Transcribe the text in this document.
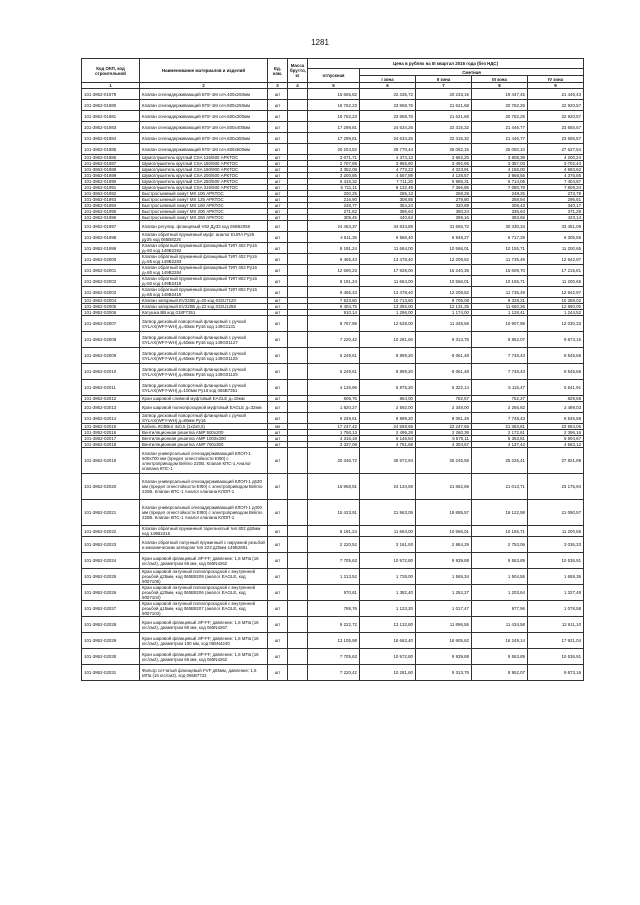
1281
Код ОКП, код строительной	Наименование материалов и изделий	Ед. изм.	Масса брутто, кг	Цена в рублях на III квартал 2016 года (без НДС)				
				отпускная	Сметная			
					I зона	II зона	III зона	IV зона
1	2	3	4	5	6	7	8	9
101-3862-01979	Клапан огнезадерживающий КПУ-1М сеч.400х250мм	шт		15 665,82	22 335,72	20 233,15	19 447,45	21 449,43
101-3862-01980	Клапан огнезадерживающий КПУ-1М сеч.500х250мм	шт		16 762,23	23 868,76	21 621,68	20 782,25	22 920,57
101-3862-01981	Клапан огнезадерживающий КПУ-1М сеч.500х300мм	шт		16 762,23	23 868,76	21 621,68	20 782,25	22 920,57
101-3862-01983	Клапан огнезадерживающий КПУ-1М сеч.500х400мм	шт		17 299,81	24 634,26	22 315,32	21 446,77	23 655,67
101-3862-01984	Клапан огнезадерживающий КПУ-1М сеч.600х350мм	шт		17 299,81	24 634,26	22 315,32	21 446,77	23 655,67
101-3862-01985	Клапан огнезадерживающий КПУ-1М сеч.600х500мм	шт		20 204,52	28 770,44	26 062,15	25 050,10	27 627,54
101-3862-01986	Шумоглушитель круглый CSA 125/600 АРКТОС	шт		3 071,71	4 374,13	3 962,25	3 808,39	4 200,24
101-3862-01987	Шумоглушитель круглый CSA 160/600 АРКТОС	шт		2 707,68	3 855,60	3 492,65	3 357,03	3 702,44
101-3862-01988	Шумоглушитель круглый CSA 160/900 АРКТОС	шт		3 352,08	4 773,23	4 323,91	4 156,00	4 583,62
101-3862-01989	Шумоглушитель круглый CSA 200/600 АРКТОС	шт		3 200,85	4 557,89	4 128,57	3 968,55	4 376,85
101-3862-01990	Шумоглушитель круглый CSA 250/600 АРКТОС	шт		5 415,32	7 711,20	6 985,31	6 714,06	7 404,87
101-3862-01991	Шумоглушитель круглый CSA 315/600 АРКТОС	шт		5 711,11	8 132,45	7 366,86	7 080,79	7 809,34
101-3862-01992	Быстросъемный хомут MX 100 АРКТОС	шт		200,25	285,13	258,28	248,25	273,79
101-3862-01993	Быстросъемный хомут MX 125 АРКТОС	шт		216,90	308,85	279,80	268,94	296,61
101-3862-01994	Быстросъемный хомут MX 160 АРКТОС	шт		248,77	354,24	320,89	308,43	340,17
101-3862-01995	Быстросъемный хомут MX 200 АРКТОС	шт		271,52	386,64	350,24	336,64	371,28
101-3862-01996	Быстросъемный хомут MX 250 АРКТОС	шт		309,45	440,64	399,16	383,66	423,14
101-3862-01997	Клапан регулир. фланцевый V62 Ду32 код 065B2056	шт		24 463,37	34 834,89	31 555,72	30 330,34	33 451,09
101-3862-01998	Клапан обратный пружинный муфт. аналог EURA Ру25 ду25 код 065B8226	шт		4 611,36	6 566,40	5 948,27	5 717,29	6 305,55
101-3862-01999	Клапан обратный пружинный фланцевый ТИП 402 Ру16 д=50 код 149B2282	шт		8 191,24	11 664,00	10 566,01	10 155,71	11 200,65
101-3862-02000	Клапан обратный пружинный фланцевый ТИП 402 Ру16 д=65 код 149B2283	шт		9 465,43	13 478,40	12 209,62	11 735,49	12 942,97
101-3862-02001	Клапан обратный пружинный фланцевый ТИП 402 Ру16 д=80 код 149B2284	шт		12 590,23	17 928,00	16 240,35	15 609,70	17 215,81
101-3862-02002	Клапан обратный пружинный фланцевый ТИП 802 Ру16 д=50 код 149B2418	шт		8 191,24	11 664,00	10 566,01	10 155,71	11 200,65
101-3862-02003	Клапан обратный пружинный фланцевый ТИП 802 Ру16 д=65 код 149B2419	шт		9 465,43	13 478,40	12 209,62	11 735,49	12 942,97
101-3862-02004	Клапан запорный EV220B д=20 код 032U7120	шт		7 523,80	10 713,60	9 705,08	9 328,21	10 288,02
101-3862-02005	Клапан запорный EV220B д=22 код 032U1258	шт		9 404,75	13 392,00	12 131,35	11 660,26	12 860,00
101-3862-02006	Катушка BB код 018F7351	шт		910,14	1 296,00	1 174,00	1 128,41	1 244,52
101-3862-02007	Затвор дисковый поворотный фланцевый с ручкой SYLAX(WFY-WH) д=40мм Ру16 код 149G1131	шт		8 767,99	12 528,00	11 348,68	10 907,99	12 030,33
101-3862-02008	Затвор дисковый поворотный фланцевый с ручкой SYLAX(WFY-WH) д=50мм Ру16 код 149G01127	шт		7 220,42	10 281,60	9 313,75	8 952,07	9 873,16
101-3862-02009	Затвор дисковый поворотный фланцевый с ручкой SYLAX(WFY-WH) д=65мм Ру16 код 149G01128	шт		6 249,61	8 899,20	8 061,48	7 748,43	8 545,68
101-3862-02010	Затвор дисковый поворотный фланцевый с ручкой SYLAX(WFY-WH) д=80мм Ру16 код 149G01129	шт		6 249,61	8 899,20	8 061,48	7 748,43	8 545,68
101-3862-02011	Затвор дисковый поворотный фланцевый с ручкой SYLAX(WFY-WH) д=100мм Ру16 код 065B7351	шт		4 125,96	5 875,20	5 322,14	5 115,47	5 641,91
101-3862-02012	Кран шаровой сливной муфтовый EAGLE д=15мм	шт		606,76	864,00	782,67	752,27	829,68
101-3862-02013	Кран шаровой полнопроходной муфтовый EAGLE д=32мм	шт		1 820,27	2 592,00	2 348,00	2 256,82	2 489,03
101-3862-02014	Затвор дисковый поворотный фланцевый с ручкой SYLAX(WFY-WH) д=80мм Ру16	шт		6 249,61	8 899,20	8 061,48	7 748,43	8 545,68
101-3862-02015	Кабель КСВВнг 4х0,5 (1х2х0,5)	км		17 247,42	24 559,66	22 247,66	21 383,81	23 584,06
101-3862-02016	Вентиляционная решетка AMP 500х200	шт		1 756,13	2 495,28	2 260,38	2 172,61	2 396,16
101-3862-02017	Вентиляционная решетка AMP 1000х300	шт		4 316,19	6 145,84	5 570,11	5 353,81	5 904,67
101-3862-02018	Вентиляционная решетка AMP 700х300	шт		3 337,09	4 751,69	4 304,57	4 137,42	4 563,12
101-3862-02019	Клапан универсальный огнезадерживающий КЛОП-1 600х700 мм (предел огнестойкости EI90) с электроприводом Belimo 220В. Клапан КПС-1 Аналог клапана КПС-1	шт		20 346,72	28 972,94	26 245,58	25 226,41	27 821,99
101-3862-02020	Клапан универсальный огнезадерживающий КЛОП-1 д630 мм (предел огнестойкости EI90) с электроприводом Belimo 220В. Клапан КПС-1 Аналог клапана КЛОП-1	шт		16 968,91	24 134,59	21 862,69	21 013,71	23 175,94
101-3862-02021	Клапан универсальный огнезадерживающий КЛОП-1 д400 мм (предел огнестойкости EI90) с электроприводом Belimo 220В. Клапан КПС-1 Аналог клапана КЛОП-1	шт		15 423,91	21 963,05	19 895,57	19 122,98	21 090,57
101-3862-02022	Клапан обратный пружинный тарельчатый тип 802 д50мм код 149B2415	шт		8 191,24	11 664,00	10 566,01	10 155,71	11 200,65
101-3862-02023	Клапан обратный латунный пружинный с наружной резьбой и механическим затвором тип 223 д20мм 149B2891	шт		2 220,52	3 161,93	2 864,29	2 753,06	3 036,33
101-3862-02024	Кран шаровой фланцевый JIP-FF, давление: 1,6 МПа (16 кгс/см2), диаметром 65 мм, код 065N4262	шт		7 705,63	10 972,80	9 939,88	9 553,89	10 536,91
101-3862-02025	Кран шаровой латунный полнопроходной с внутренней резьбой д25мм, код 065B8209 (аналог EAGLE, код 9007105)	шт		1 213,52	1 728,00	1 565,34	1 504,55	1 659,36
101-3862-02026	Кран шаровой латунный полнопроходной с внутренней резьбой д20мм, код 065B8206 (аналог EAGLE, код 9007104)	шт		970,61	1 382,40	1 252,27	1 203,64	1 327,48
101-3862-02027	Кран шаровой латунный полнопроходной с внутренней резьбой д15мм, код 065B8207 (аналог EAGLE, код 9007103)	шт		788,76	1 123,20	1 017,47	977,96	1 078,58
101-3862-02028	Кран шаровой фланцевый JIP-FF, давление: 1,6 МПа (16 кгс/см2), диаметром 80 мм, код 065N4267	шт		9 222,72	13 132,80	11 896,55	11 434,58	12 611,10
101-3862-02029	Кран шаровой фланцевый JIP-FF, давление: 1,6 МПа (16 кгс/см2), диаметром 100 мм, код 065N4240	шт		13 105,98	18 662,40	16 905,62	16 249,14	17 921,04
101-3862-02030	Кран шаровой фланцевый JIP-FF, давление: 1,6 МПа (16 кгс/см2), диаметром 65 мм, код 065N4262	шт		7 705,63	10 972,80	9 939,88	9 553,89	10 536,91
101-3862-02031	Фильтр сетчатый фланцевый FVF д65мм, давление: 1,6 МПа (16 кгс/см2), код 065B7732	шт		7 220,42	10 281,60	9 313,75	8 952,07	9 873,16
